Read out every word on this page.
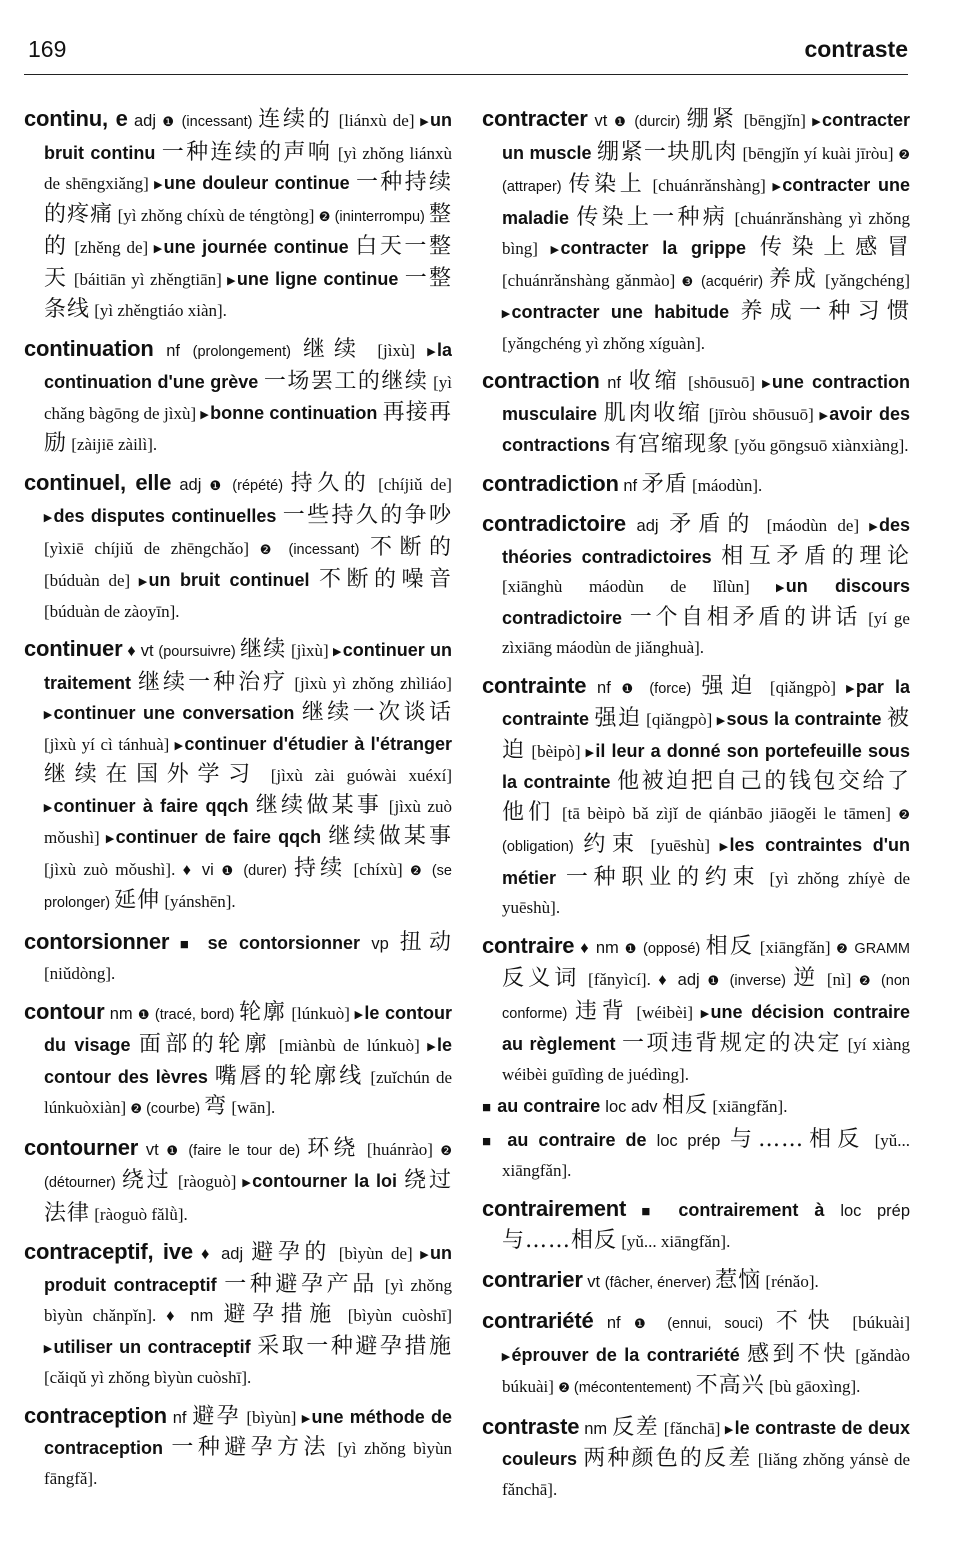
169	contraste

continu, e adj ❶ (incessant) 连续的 [liánxù de] ▸ un bruit continu 一种连续的声响 [yì zhǒng liánxù de shēngxiǎng] ▸ une douleur continue 一种持续的疼痛 [yì zhǒng chíxù de téngtòng] ❷ (ininterrompu) 整的 [zhěng de] ▸ une journée continue 白天一整天 [báitiān yì zhěngtiān] ▸ une ligne continue 一整条线 [yì zhěngtiáo xiàn].

continuation nf (prolongement) 继续 [jìxù] ▸ la continuation d'une grève 一场罢工的继续 [yì chǎng bàgōng de jìxù] ▸ bonne continuation 再接再励 [zàijiē zàilì].

continuel, elle adj ❶ (répété) 持久的 [chíjiǔ de] ▸ des disputes continuelles 一些持久的争吵 [yìxiē chíjiǔ de zhēngchǎo] ❷ (incessant) 不断的 [búduàn de] ▸ un bruit continuel 不断的噪音 [búduàn de zàoyīn].

continuer ♦ vt (poursuivre) 继续 [jìxù] ▸ continuer un traitement 继续一种治疗 [jìxù yì zhǒng zhìliáo] ▸ continuer une conversation 继续一次谈话 [jìxù yí cì tánhuà] ▸ continuer d'étudier à l'étranger 继续在国外学习 [jìxù zài guówài xuéxí] ▸ continuer à faire qqch 继续做某事 [jìxù zuò mǒushì] ▸ continuer de faire qqch 继续做某事 [jìxù zuò mǒushì]. ♦ vi ❶ (durer) 持续 [chíxù] ❷ (se prolonger) 延伸 [yánshēn].

contorsionner ■ se contorsionner vp 扭动 [niǔdòng].

contour nm ❶ (tracé, bord) 轮廓 [lúnkuò] ▸ le contour du visage 面部的轮廓 [miànbù de lúnkuò] ▸ le contour des lèvres 嘴唇的轮廓线 [zuǐchún de lúnkuòxiàn] ❷ (courbe) 弯 [wān].

contourner vt ❶ (faire le tour de) 环绕 [huánrào] ❷ (détourner) 绕过 [ràoguò] ▸ contourner la loi 绕过法律 [ràoguò fǎlǜ].

contraceptif, ive ♦ adj 避孕的 [bìyùn de] ▸ un produit contraceptif 一种避孕产品 [yì zhǒng bìyùn chǎnpǐn]. ♦ nm 避孕措施 [bìyùn cuòshī] ▸ utiliser un contraceptif 采取一种避孕措施 [cǎiqǔ yì zhǒng bìyùn cuòshī].

contraception nf 避孕 [bìyùn] ▸ une méthode de contraception 一种避孕方法 [yì zhǒng bìyùn fāngfǎ].

contracter vt ❶ (durcir) 绷紧 [bēngjǐn] ▸ contracter un muscle 绷紧一块肌肉 [bēngjǐn yí kuài jīròu] ❷ (attraper) 传染上 [chuánrǎnshàng] ▸ contracter une maladie 传染上一种病 [chuánrǎnshàng yì zhǒng bìng] ▸ contracter la grippe 传染上感冒 [chuánrǎnshàng gǎnmào] ❸ (acquérir) 养成 [yǎngchéng] ▸ contracter une habitude 养成一种习惯 [yǎngchéng yì zhǒng xíguàn].

contraction nf 收缩 [shōusuō] ▸ une contraction musculaire 肌肉收缩 [jīròu shōusuō] ▸ avoir des contractions 有宫缩现象 [yǒu gōngsuō xiànxiàng].

contradiction nf 矛盾 [máodùn].

contradictoire adj 矛盾的 [máodùn de] ▸ des théories contradictoires 相互矛盾的理论 [xiānghù máodùn de lǐlùn] ▸ un discours contradictoire 一个自相矛盾的讲话 [yí ge zìxiāng máodùn de jiǎnghuà].

contrainte nf ❶ (force) 强迫 [qiǎngpò] ▸ par la contrainte 强迫 [qiǎngpò] ▸ sous la contrainte 被迫 [bèipò] ▸ il leur a donné son portefeuille sous la contrainte 他被迫把自己的钱包交给了他们 [tā bèipò bǎ zìjǐ de qiánbāo jiāogěi le tāmen] ❷ (obligation) 约束 [yuēshù] ▸ les contraintes d'un métier 一种职业的约束 [yì zhǒng zhíyè de yuēshù].

contraire ♦ nm ❶ (opposé) 相反 [xiāngfǎn] ❷ GRAMM 反义词 [fǎnyìcí]. ♦ adj ❶ (inverse) 逆 [nì] ❷ (non conforme) 违背 [wéibèi] ▸ une décision contraire au règlement 一项违背规定的决定 [yí xiàng wéibèi guīdìng de juédìng].

■ au contraire loc adv 相反 [xiāngfǎn].

■ au contraire de loc prép 与……相反 [yǔ... xiāngfǎn].

contrairement ■ contrairement à loc prép 与……相反 [yǔ... xiāngfǎn].

contrarier vt (fâcher, énerver) 惹恼 [rénǎo].

contrariété nf ❶ (ennui, souci) 不快 [búkuài] ▸ éprouver de la contrariété 感到不快 [gǎndào búkuài] ❷ (mécontentement) 不高兴 [bù gāoxìng].

contraste nm 反差 [fǎnchā] ▸ le contraste de deux couleurs 两种颜色的反差 [liǎng zhǒng yánsè de fǎnchā].
